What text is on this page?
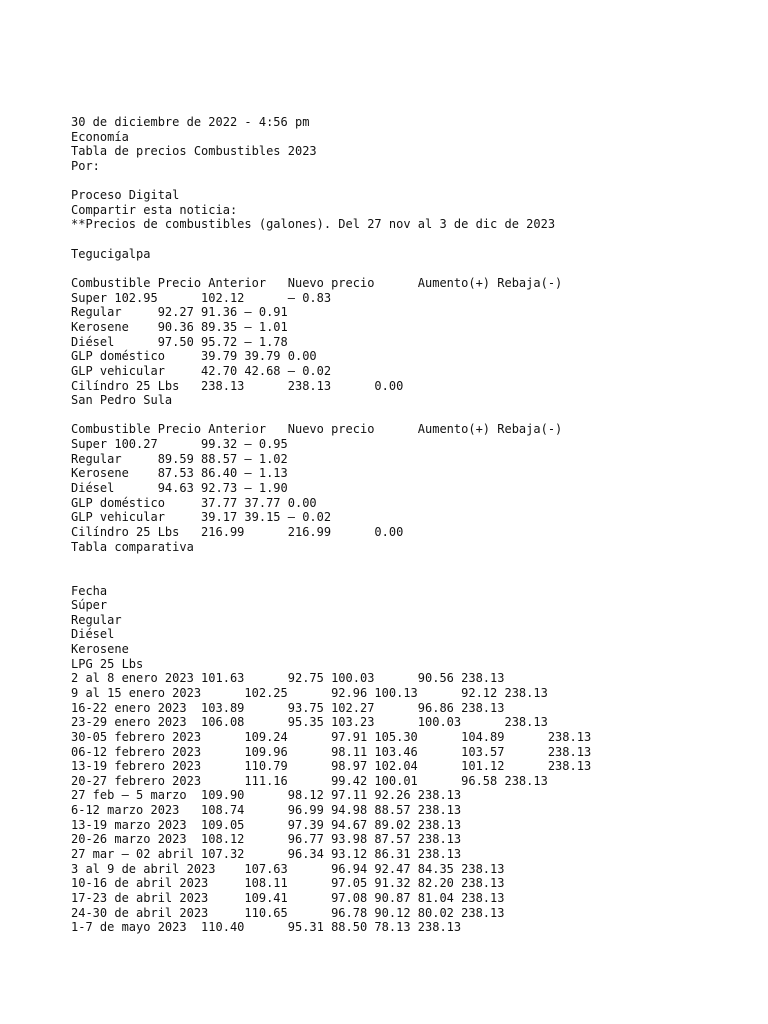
30 de diciembre de 2022 - 4:56 pm
Economía
Tabla de precios Combustibles 2023
Por:
Proceso Digital
Compartir esta noticia:
**Precios de combustibles (galones). Del 27 nov al 3 de dic de 2023
Tegucigalpa
Combustible Precio Anterior   Nuevo precio      Aumento(+) Rebaja(-)
Super 102.95      102.12      – 0.83
Regular     92.27 91.36 – 0.91
Kerosene    90.36 89.35 – 1.01
Diésel      97.50 95.72 – 1.78
GLP doméstico     39.79 39.79 0.00
GLP vehicular     42.70 42.68 – 0.02
Cilíndro 25 Lbs   238.13      238.13      0.00
San Pedro Sula
Combustible Precio Anterior   Nuevo precio      Aumento(+) Rebaja(-)
Super 100.27      99.32 – 0.95
Regular     89.59 88.57 – 1.02
Kerosene    87.53 86.40 – 1.13
Diésel      94.63 92.73 – 1.90
GLP doméstico     37.77 37.77 0.00
GLP vehicular     39.17 39.15 – 0.02
Cilíndro 25 Lbs   216.99      216.99      0.00
Tabla comparativa
Fecha
Súper
Regular
Diésel
Kerosene
LPG 25 Lbs
2 al 8 enero 2023 101.63      92.75 100.03      90.56 238.13
9 al 15 enero 2023      102.25      92.96 100.13      92.12 238.13
16-22 enero 2023  103.89      93.75 102.27      96.86 238.13
23-29 enero 2023  106.08      95.35 103.23      100.03      238.13
30-05 febrero 2023      109.24      97.91 105.30      104.89      238.13
06-12 febrero 2023      109.96      98.11 103.46      103.57      238.13
13-19 febrero 2023      110.79      98.97 102.04      101.12      238.13
20-27 febrero 2023      111.16      99.42 100.01      96.58 238.13
27 feb – 5 marzo  109.90      98.12 97.11 92.26 238.13
6-12 marzo 2023   108.74      96.99 94.98 88.57 238.13
13-19 marzo 2023  109.05      97.39 94.67 89.02 238.13
20-26 marzo 2023  108.12      96.77 93.98 87.57 238.13
27 mar – 02 abril 107.32      96.34 93.12 86.31 238.13
3 al 9 de abril 2023    107.63      96.94 92.47 84.35 238.13
10-16 de abril 2023     108.11      97.05 91.32 82.20 238.13
17-23 de abril 2023     109.41      97.08 90.87 81.04 238.13
24-30 de abril 2023     110.65      96.78 90.12 80.02 238.13
1-7 de mayo 2023  110.40      95.31 88.50 78.13 238.13
